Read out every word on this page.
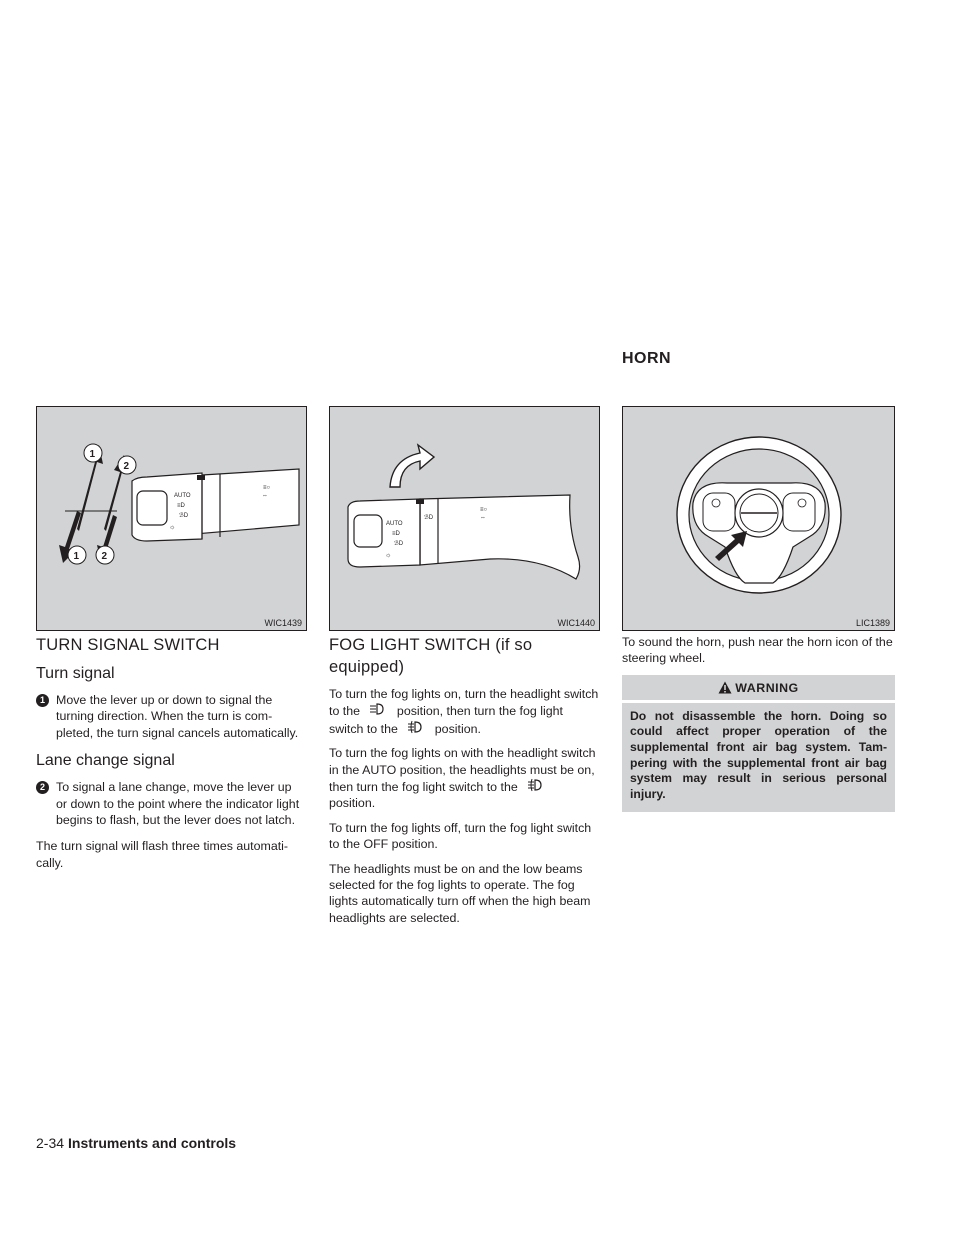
HORN
AUTO
≡D
ℬD
☼
≡○
⇔
1
2
1 2
WIC1439
AUTO
≡D
ℬD
☼
ℬD
≡○
⇔
WIC1440	LIC1389
TURN SIGNAL SWITCH
Turn signal
1 Move the lever up or down to signal the turning direction. When the turn is com-pleted, the turn signal cancels automatically.
Lane change signal
2 To signal a lane change, move the lever up or down to the point where the indicator light begins to flash, but the lever does not latch.

The turn signal will flash three times automati-cally.

FOG LIGHT SWITCH (if so equipped)

To turn the fog lights on, turn the headlight switch to the	position, then turn the fog light switch to the	position.

To turn the fog lights on with the headlight switch in the AUTO position, the headlights must be on, then turn the fog light switch to the  position.

To turn the fog lights off, turn the fog light switch to the OFF position.

The headlights must be on and the low beams selected for the fog lights to operate. The fog lights automatically turn off when the high beam headlights are selected.

To sound the horn, push near the horn icon of the steering wheel.

WARNING
Do not disassemble the horn. Doing so could affect proper operation of the supplemental front air bag system. Tam-pering with the supplemental front air bag system may result in serious personal injury.
2-34 Instruments and controls
